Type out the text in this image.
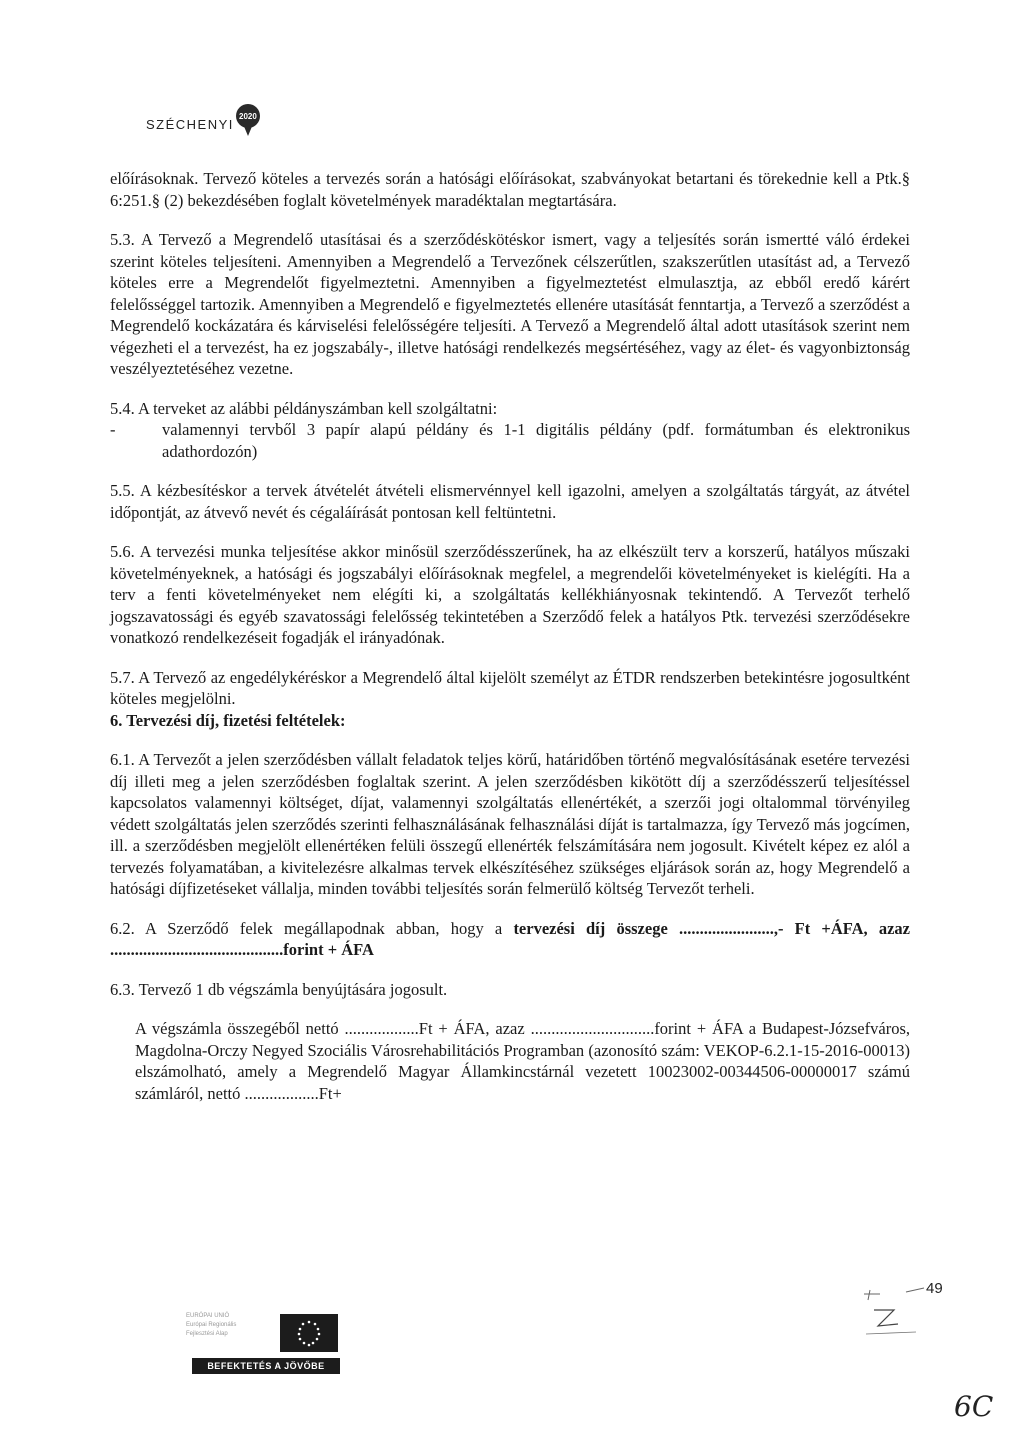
SZÉCHENYI
2020

előírásoknak. Tervező köteles a tervezés során a hatósági előírásokat, szabványokat betartani és törekednie kell a Ptk.§ 6:251.§ (2) bekezdésében foglalt követelmények maradéktalan megtartására.

5.3. A Tervező a Megrendelő utasításai és a szerződéskötéskor ismert, vagy a teljesítés során ismertté váló érdekei szerint köteles teljesíteni. Amennyiben a Megrendelő a Tervezőnek célszerűtlen, szakszerűtlen utasítást ad, a Tervező köteles erre a Megrendelőt figyelmeztetni. Amennyiben a figyelmeztetést elmulasztja, az ebből eredő kárért felelősséggel tartozik. Amennyiben a Megrendelő e figyelmeztetés ellenére utasítását fenntartja, a Tervező a szerződést a Megrendelő kockázatára és kárviselési felelősségére teljesíti. A Tervező a Megrendelő által adott utasítások szerint nem végezheti el a tervezést, ha ez jogszabály-, illetve hatósági rendelkezés megsértéséhez, vagy az élet- és vagyonbiztonság veszélyeztetéséhez vezetne.

5.4. A terveket az alábbi példányszámban kell szolgáltatni:

-	valamennyi tervből 3 papír alapú példány és 1-1 digitális példány (pdf. formátumban és elektronikus adathordozón)

5.5. A kézbesítéskor a tervek átvételét átvételi elismervénnyel kell igazolni, amelyen a szolgáltatás tárgyát, az átvétel időpontját, az átvevő nevét és cégaláírását pontosan kell feltüntetni.

5.6. A tervezési munka teljesítése akkor minősül szerződésszerűnek, ha az elkészült terv a korszerű, hatályos műszaki követelményeknek, a hatósági és jogszabályi előírásoknak megfelel, a megrendelői követelményeket is kielégíti. Ha a terv a fenti követelményeket nem elégíti ki, a szolgáltatás kellékhiányosnak tekintendő. A Tervezőt terhelő jogszavatossági és egyéb szavatossági felelősség tekintetében a Szerződő felek a hatályos Ptk. tervezési szerződésekre vonatkozó rendelkezéseit fogadják el irányadónak.

5.7. A Tervező az engedélykéréskor a Megrendelő által kijelölt személyt az ÉTDR rendszerben betekintésre jogosultként köteles megjelölni.

6. Tervezési díj, fizetési feltételek:

6.1. A Tervezőt a jelen szerződésben vállalt feladatok teljes körű, határidőben történő megvalósításának esetére tervezési díj illeti meg a jelen szerződésben foglaltak szerint. A jelen szerződésben kikötött díj a szerződésszerű teljesítéssel kapcsolatos valamennyi költséget, díjat, valamennyi szolgáltatás ellenértékét, a szerzői jogi oltalommal törvényileg védett szolgáltatás jelen szerződés szerinti felhasználásának felhasználási díját is tartalmazza, így Tervező más jogcímen, ill. a szerződésben megjelölt ellenértéken felüli összegű ellenérték felszámítására nem jogosult. Kivételt képez ez alól a tervezés folyamatában, a kivitelezésre alkalmas tervek elkészítéséhez szükséges eljárások során az, hogy Megrendelő a hatósági díjfizetéseket vállalja, minden további teljesítés során felmerülő költség Tervezőt terheli.

6.2. A Szerződő felek megállapodnak abban, hogy a tervezési díj összege .......................,- Ft +ÁFA, azaz ..........................................forint + ÁFA

6.3. Tervező 1 db végszámla benyújtására jogosult.

A végszámla összegéből nettó ..................Ft + ÁFA, azaz ..............................forint + ÁFA a Budapest-Józsefváros, Magdolna-Orczy Negyed Szociális Városrehabilitációs Programban (azonosító szám: VEKOP-6.2.1-15-2016-00013) elszámolható, amely a Megrendelő Magyar Államkincstárnál vezetett 10023002-00344506-00000017 számú számláról, nettó ..................Ft+

49
EURÓPAI UNIÓ
Európai Regionális
Fejlesztési Alap
BEFEKTETÉS A JÖVŐBE
6C
